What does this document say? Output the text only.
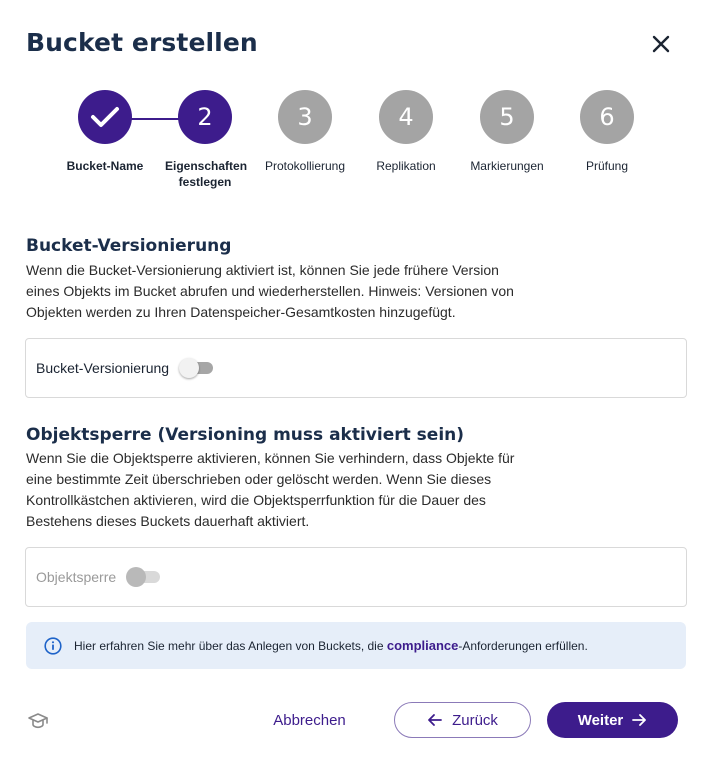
Bucket erstellen
Bucket-Name
2
Eigenschaften festlegen
3
Protokollierung
4
Replikation
5
Markierungen
6
Prüfung
Bucket-Versionierung

Wenn die Bucket-Versionierung aktiviert ist, können Sie jede frühere Version eines Objekts im Bucket abrufen und wiederherstellen. Hinweis: Versionen von Objekten werden zu Ihren Datenspeicher-Gesamtkosten hinzugefügt.

Bucket-Versionierung
Objektsperre (Versioning muss aktiviert sein)

Wenn Sie die Objektsperre aktivieren, können Sie verhindern, dass Objekte für eine bestimmte Zeit überschrieben oder gelöscht werden. Wenn Sie dieses Kontrollkästchen aktivieren, wird die Objektsperrfunktion für die Dauer des Bestehens dieses Buckets dauerhaft aktiviert.

Objektsperre
Hier erfahren Sie mehr über das Anlegen von Buckets, die compliance-Anforderungen erfüllen.
Abbrechen	Zurück	Weiter
